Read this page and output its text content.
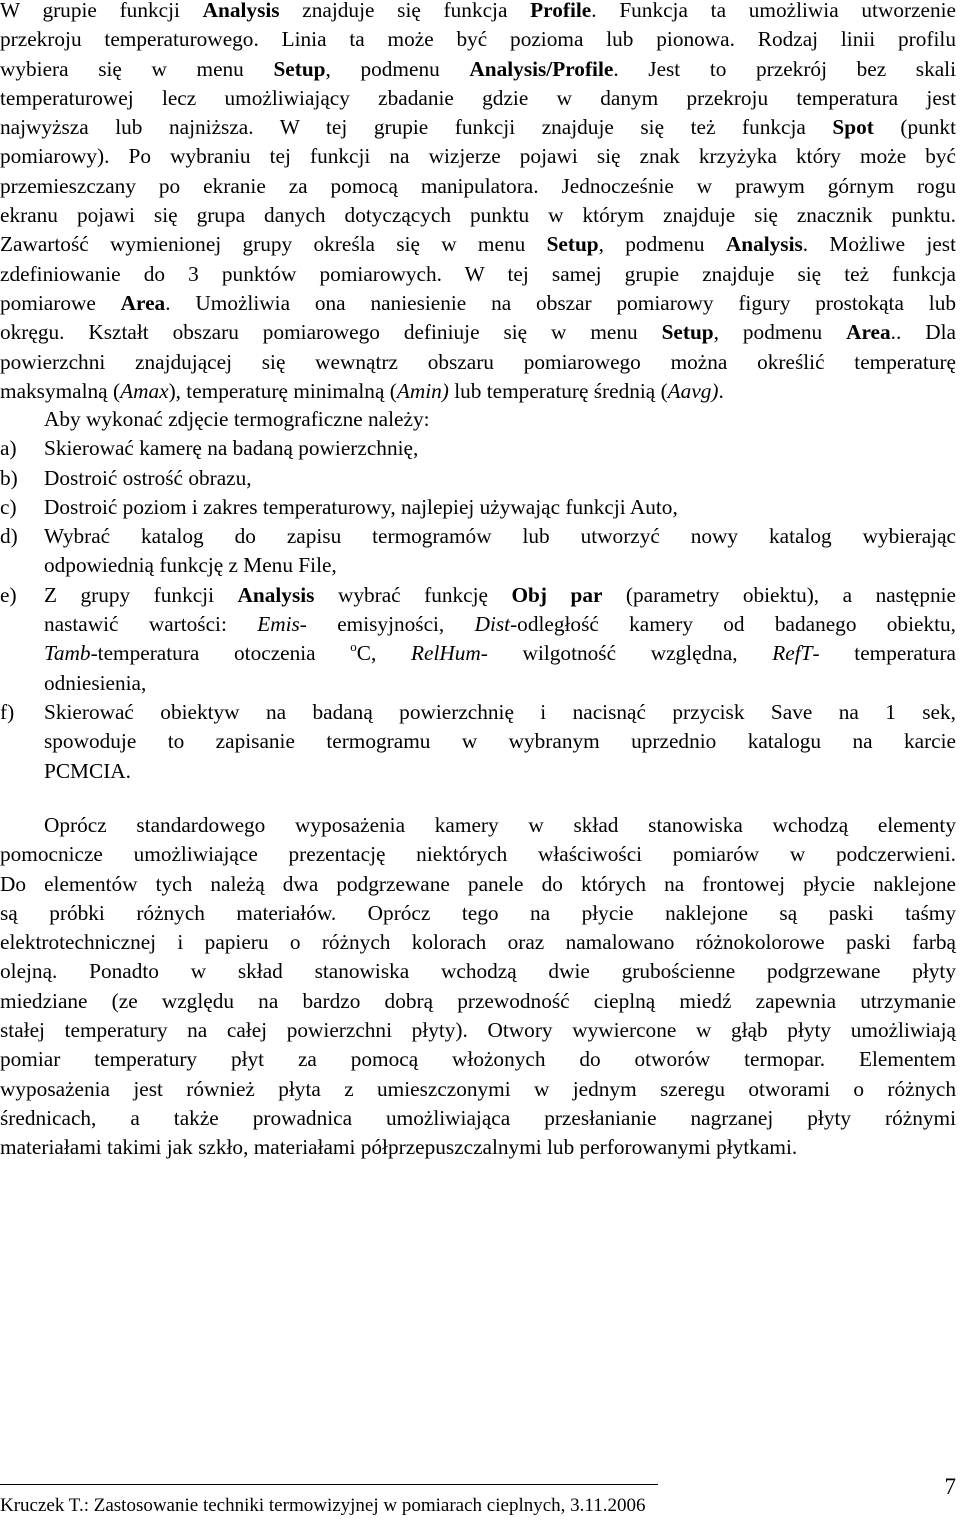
W grupie funkcji Analysis znajduje się funkcja Profile. Funkcja ta umożliwia utworzenie
przekroju temperaturowego. Linia ta może być pozioma lub pionowa. Rodzaj linii profilu
wybiera się w menu Setup, podmenu Analysis/Profile. Jest to przekrój bez skali
temperaturowej lecz umożliwiający zbadanie gdzie w danym przekroju temperatura jest
najwyższa lub najniższa. W tej grupie funkcji znajduje się też funkcja Spot (punkt
pomiarowy). Po wybraniu tej funkcji na wizjerze pojawi się znak krzyżyka który może być
przemieszczany po ekranie za pomocą manipulatora. Jednocześnie w prawym górnym rogu
ekranu pojawi się grupa danych dotyczących punktu w którym znajduje się znacznik punktu.
Zawartość wymienionej grupy określa się w menu Setup, podmenu Analysis. Możliwe jest
zdefiniowanie do 3 punktów pomiarowych. W tej samej grupie znajduje się też funkcja
pomiarowe Area. Umożliwia ona naniesienie na obszar pomiarowy figury prostokąta lub
okręgu. Kształt obszaru pomiarowego definiuje się w menu Setup, podmenu Area.. Dla
powierzchni znajdującej się wewnątrz obszaru pomiarowego można określić temperaturę
maksymalną (Amax), temperaturę minimalną (Amin) lub temperaturę średnią (Aavg).
Aby wykonać zdjęcie termograficzne należy:
a) Skierować kamerę na badaną powierzchnię,
b) Dostroić ostrość obrazu,
c) Dostroić poziom i zakres temperaturowy, najlepiej używając funkcji Auto,
d) Wybrać katalog do zapisu termogramów lub utworzyć nowy katalog wybierając
odpowiednią funkcję z Menu File,
e) Z grupy funkcji Analysis wybrać funkcję Obj par (parametry obiektu), a następnie
nastawić wartości: Emis- emisyjności, Dist-odległość kamery od badanego obiektu,
Tamb-temperatura otoczenia $^o$C, RelHum- wilgotność względna, RefT- temperatura
odniesienia,
f) Skierować obiektyw na badaną powierzchnię i nacisnąć przycisk Save na 1 sek,
spowoduje to zapisanie termogramu w wybranym uprzednio katalogu na karcie
PCMCIA.
Oprócz standardowego wyposażenia kamery w skład stanowiska wchodzą elementy
pomocnicze umożliwiające prezentację niektórych właściwości pomiarów w podczerwieni.
Do elementów tych należą dwa podgrzewane panele do których na frontowej płycie naklejone
są próbki różnych materiałów. Oprócz tego na płycie naklejone są paski taśmy
elektrotechnicznej i papieru o różnych kolorach oraz namalowano różnokolorowe paski farbą
olejną. Ponadto w skład stanowiska wchodzą dwie grubościenne podgrzewane płyty
miedziane (ze względu na bardzo dobrą przewodność cieplną miedź zapewnia utrzymanie
stałej temperatury na całej powierzchni płyty). Otwory wywiercone w głąb płyty umożliwiają
pomiar temperatury płyt za pomocą włożonych do otworów termopar. Elementem
wyposażenia jest również płyta z umieszczonymi w jednym szeregu otworami o różnych
średnicach, a także prowadnica umożliwiająca przesłanianie nagrzanej płyty różnymi
materiałami takimi jak szkło, materiałami półprzepuszczalnymi lub perforowanymi płytkami.
Kruczek T.: Zastosowanie techniki termowizyjnej w pomiarach cieplnych, 3.11.2006
7
